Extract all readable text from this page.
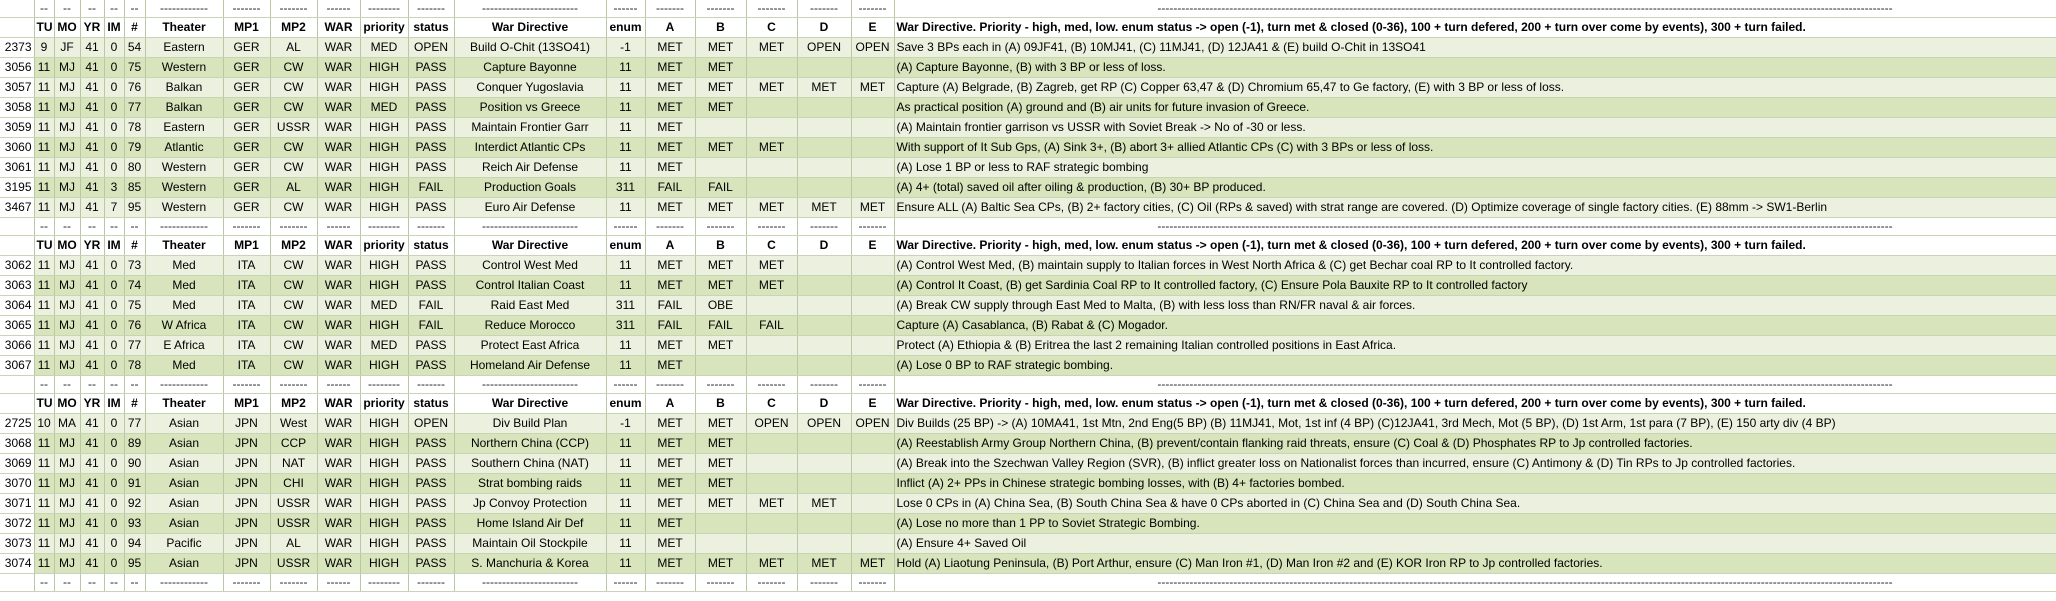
	--	--	--	--	--	------------	-------	-------	------	--------	-------	------------------------	------	-------	-------	-------	-------	-------	----------------------------------------------------------------------------------------------------------------------------------------------------------------------------------------
	TU	MO	YR	IM	#	Theater	MP1	MP2	WAR	priority	status	War Directive	enum	A	B	C	D	E	War Directive. Priority - high, med, low. enum status -> open (-1), turn met & closed (0-36), 100 + turn defered, 200 + turn over come by events), 300 + turn failed.
2373	9	JF	41	0	54	Eastern	GER	AL	WAR	MED	OPEN	Build O-Chit (13SO41)	-1	MET	MET	MET	OPEN	OPEN	Save 3 BPs each in (A) 09JF41, (B) 10MJ41, (C) 11MJ41, (D) 12JA41 & (E) build O-Chit in 13SO41
3056	11	MJ	41	0	75	Western	GER	CW	WAR	HIGH	PASS	Capture Bayonne	11	MET	MET				(A) Capture Bayonne, (B) with 3 BP or less of loss.
3057	11	MJ	41	0	76	Balkan	GER	CW	WAR	HIGH	PASS	Conquer Yugoslavia	11	MET	MET	MET	MET	MET	Capture (A) Belgrade, (B) Zagreb, get RP (C) Copper 63,47 & (D) Chromium 65,47 to Ge factory, (E) with 3 BP or less of loss.
3058	11	MJ	41	0	77	Balkan	GER	CW	WAR	MED	PASS	Position vs Greece	11	MET	MET				As practical position (A) ground and (B) air units for future invasion of Greece.
3059	11	MJ	41	0	78	Eastern	GER	USSR	WAR	HIGH	PASS	Maintain Frontier Garr	11	MET					(A) Maintain frontier garrison vs USSR with Soviet Break -> No of -30 or less.
3060	11	MJ	41	0	79	Atlantic	GER	CW	WAR	HIGH	PASS	Interdict Atlantic CPs	11	MET	MET	MET			With support of It Sub Gps, (A) Sink 3+, (B) abort 3+ allied Atlantic CPs (C) with 3 BPs or less of loss.
3061	11	MJ	41	0	80	Western	GER	CW	WAR	HIGH	PASS	Reich Air Defense	11	MET					(A) Lose 1 BP or less to RAF strategic bombing
3195	11	MJ	41	3	85	Western	GER	AL	WAR	HIGH	FAIL	Production Goals	311	FAIL	FAIL				(A) 4+ (total) saved oil after oiling & production, (B) 30+ BP produced.
3467	11	MJ	41	7	95	Western	GER	CW	WAR	HIGH	PASS	Euro Air Defense	11	MET	MET	MET	MET	MET	Ensure ALL (A) Baltic Sea CPs, (B) 2+ factory cities, (C) Oil (RPs & saved) with strat range are covered. (D) Optimize coverage of single factory cities. (E) 88mm -> SW1-Berlin
	--	--	--	--	--	------------	-------	-------	------	--------	-------	------------------------	------	-------	-------	-------	-------	-------	----------------------------------------------------------------------------------------------------------------------------------------------------------------------------------------
	TU	MO	YR	IM	#	Theater	MP1	MP2	WAR	priority	status	War Directive	enum	A	B	C	D	E	War Directive. Priority - high, med, low. enum status -> open (-1), turn met & closed (0-36), 100 + turn defered, 200 + turn over come by events), 300 + turn failed.
3062	11	MJ	41	0	73	Med	ITA	CW	WAR	HIGH	PASS	Control West Med	11	MET	MET	MET			(A) Control West Med, (B) maintain supply to Italian forces in West North Africa & (C) get Bechar coal RP to It controlled factory.
3063	11	MJ	41	0	74	Med	ITA	CW	WAR	HIGH	PASS	Control Italian Coast	11	MET	MET	MET			(A) Control It Coast, (B) get Sardinia Coal RP to It controlled factory, (C) Ensure Pola Bauxite RP to It controlled factory
3064	11	MJ	41	0	75	Med	ITA	CW	WAR	MED	FAIL	Raid East Med	311	FAIL	OBE				(A) Break CW supply through East Med to Malta, (B) with less loss than RN/FR naval & air forces.
3065	11	MJ	41	0	76	W Africa	ITA	CW	WAR	HIGH	FAIL	Reduce Morocco	311	FAIL	FAIL	FAIL			Capture (A) Casablanca, (B) Rabat & (C) Mogador.
3066	11	MJ	41	0	77	E Africa	ITA	CW	WAR	MED	PASS	Protect East Africa	11	MET	MET				Protect (A) Ethiopia & (B) Eritrea the last 2 remaining Italian controlled positions in East Africa.
3067	11	MJ	41	0	78	Med	ITA	CW	WAR	HIGH	PASS	Homeland Air Defense	11	MET					(A) Lose 0 BP to RAF strategic bombing.
	--	--	--	--	--	------------	-------	-------	------	--------	-------	------------------------	------	-------	-------	-------	-------	-------	----------------------------------------------------------------------------------------------------------------------------------------------------------------------------------------
	TU	MO	YR	IM	#	Theater	MP1	MP2	WAR	priority	status	War Directive	enum	A	B	C	D	E	War Directive. Priority - high, med, low. enum status -> open (-1), turn met & closed (0-36), 100 + turn defered, 200 + turn over come by events), 300 + turn failed.
2725	10	MA	41	0	77	Asian	JPN	West	WAR	HIGH	OPEN	Div Build Plan	-1	MET	MET	OPEN	OPEN	OPEN	Div Builds (25 BP) -> (A) 10MA41, 1st Mtn, 2nd Eng(5 BP) (B) 11MJ41, Mot, 1st inf (4 BP) (C)12JA41, 3rd Mech, Mot (5 BP), (D) 1st Arm, 1st para (7 BP), (E) 150 arty div (4 BP)
3068	11	MJ	41	0	89	Asian	JPN	CCP	WAR	HIGH	PASS	Northern China (CCP)	11	MET	MET				(A) Reestablish Army Group Northern China, (B) prevent/contain flanking raid threats, ensure (C) Coal & (D) Phosphates RP to Jp controlled factories.
3069	11	MJ	41	0	90	Asian	JPN	NAT	WAR	HIGH	PASS	Southern China (NAT)	11	MET	MET				(A) Break into the Szechwan Valley Region (SVR), (B) inflict greater loss on Nationalist forces than incurred, ensure (C) Antimony & (D) Tin RPs to Jp controlled factories.
3070	11	MJ	41	0	91	Asian	JPN	CHI	WAR	HIGH	PASS	Strat bombing raids	11	MET	MET				Inflict (A) 2+ PPs in Chinese strategic bombing losses, with (B) 4+ factories bombed.
3071	11	MJ	41	0	92	Asian	JPN	USSR	WAR	HIGH	PASS	Jp Convoy Protection	11	MET	MET	MET	MET		Lose 0 CPs in (A) China Sea, (B) South China Sea & have 0 CPs aborted in (C) China Sea and (D) South China Sea.
3072	11	MJ	41	0	93	Asian	JPN	USSR	WAR	HIGH	PASS	Home Island Air Def	11	MET					(A) Lose no more than 1 PP to Soviet Strategic Bombing.
3073	11	MJ	41	0	94	Pacific	JPN	AL	WAR	HIGH	PASS	Maintain Oil Stockpile	11	MET					(A) Ensure 4+ Saved Oil
3074	11	MJ	41	0	95	Asian	JPN	USSR	WAR	HIGH	PASS	S. Manchuria & Korea	11	MET	MET	MET	MET	MET	Hold (A) Liaotung Peninsula, (B) Port Arthur, ensure (C) Man Iron #1, (D) Man Iron #2 and (E) KOR Iron RP to Jp controlled factories.
	--	--	--	--	--	------------	-------	-------	------	--------	-------	------------------------	------	-------	-------	-------	-------	-------	----------------------------------------------------------------------------------------------------------------------------------------------------------------------------------------
